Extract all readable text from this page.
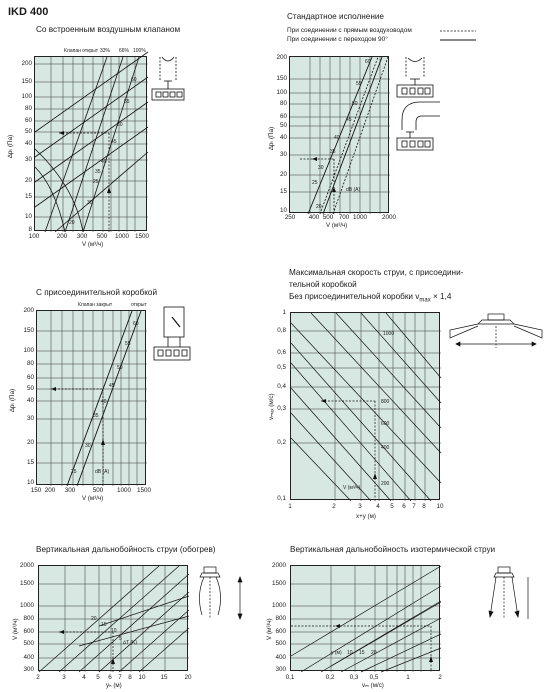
IKD 400
Со встроенным воздушным клапаном
Клапан открыт 33% 66% 100%
60
55
50
45
40
35
30
25
20
200
150
100
80
60
50
40
30
20
15
10
8
100	200	300	500	1000 1500
∆pₜ (Па)
V (м³/ч)
Стандартное исполнение
При соединении с прямым воздуховодом
При соединении с переходом 90°
60
55
50
45
40
35
30
25
20
dB (A)
200
150
100
80
60
50
40
30
20
15
10
250	400 500 700 1000	2000
∆pₜ (Па)
V (м³/ч)
С присоединительной коробкой
Клапан закрыт	открыт
60
55
50
45
40
35
30
25	dB (A)
200
150
100
80
60
50
40
30
20
15
10
150 200	300	500	1000 1500
∆pₜ (Па)
V (м³/ч)
Максимальная скорость струи, с присоедини-
тельной коробкой
Без присоединительной коробки $v_{max} \times 1,4$
1000
800
600
400
200
V (м³/ч)
1
0,8
0,6
0,5
0,4
0,3
0,2
0,1
1	2	3	4	5	6	7	8	10
vₘₐₓ (м/с)
x+y (м)
Вертикальная дальнобойность струи (обогрев)
20
15
10
5
∆T (K)
2000
1500
1000
800
600
500
400
300
2	3	4	5	6	7	8	10	15	20
V (м³/ч)
yₕ (м)
Вертикальная дальнобойность изотермической струи
y (м) 10 15 20
2000
1500
1000
800
600
500
400
300
0,1	0,2	0,3	0,5	1	2
V (м³/ч)
vₘ (м/с)
